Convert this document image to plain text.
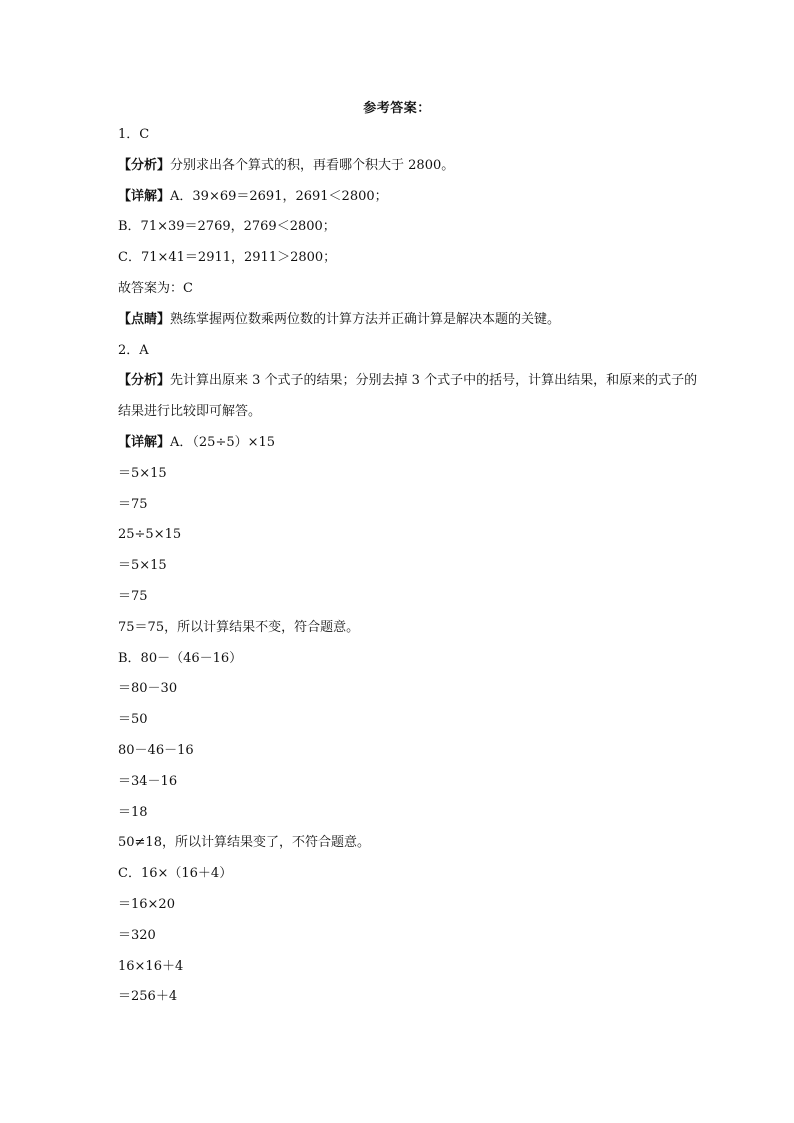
参考答案：
1．C
【分析】分别求出各个算式的积，再看哪个积大于 2800。
【详解】A．39×69＝2691，2691＜2800；
B．71×39＝2769，2769＜2800；
C．71×41＝2911，2911＞2800；
故答案为：C
【点睛】熟练掌握两位数乘两位数的计算方法并正确计算是解决本题的关键。
2．A
【分析】先计算出原来 3 个式子的结果；分别去掉 3 个式子中的括号，计算出结果，和原来的式子的结果进行比较即可解答。
【详解】A．（25÷5）×15
＝5×15
＝75
25÷5×15
＝5×15
＝75
75＝75，所以计算结果不变，符合题意。
B．80－（46－16）
＝80－30
＝50
80－46－16
＝34－16
＝18
50≠18，所以计算结果变了，不符合题意。
C．16×（16＋4）
＝16×20
＝320
16×16＋4
＝256＋4
